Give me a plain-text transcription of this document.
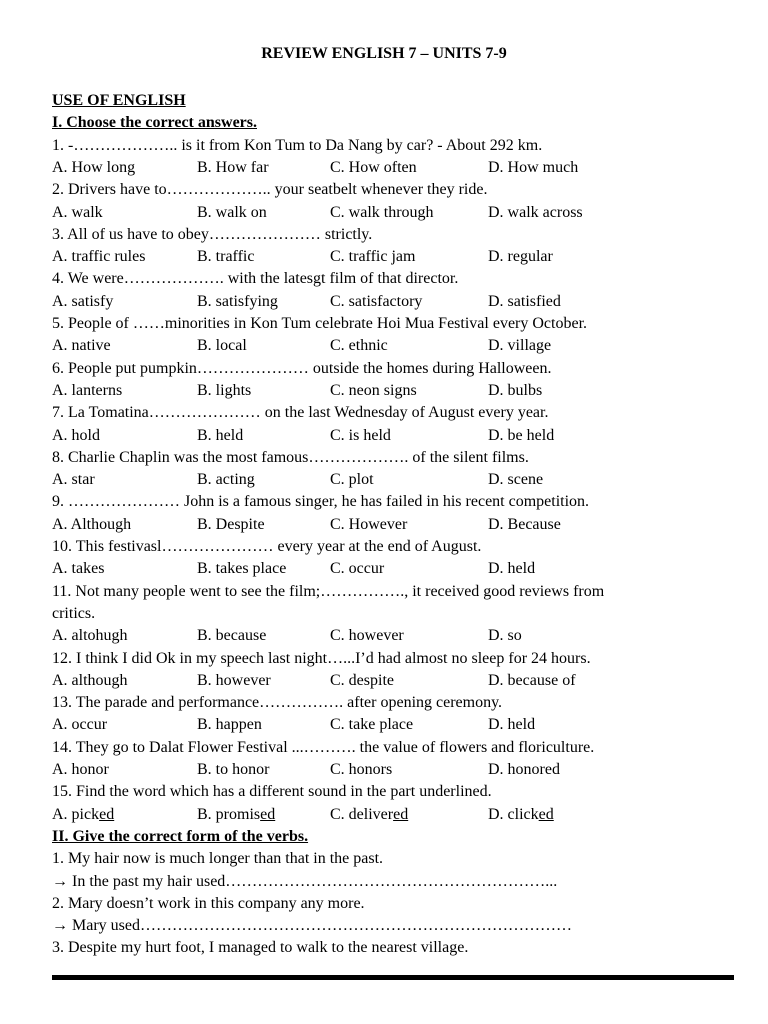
REVIEW ENGLISH 7 – UNITS 7-9
USE OF ENGLISH
I. Choose the correct answers.
1. -……………….. is it from Kon Tum to Da Nang by car? - About 292 km.
A. How long	B. How far	C. How often	D. How much
2. Drivers have to……………….. your seatbelt whenever they ride.
A. walk	B. walk on	C. walk through	D. walk across
3. All of us have to obey………………… strictly.
A. traffic rules	B. traffic	C. traffic jam	D. regular
4. We were………………. with the latesgt film of that director.
A. satisfy	B. satisfying	C. satisfactory	D. satisfied
5. People of ……minorities in Kon Tum celebrate Hoi Mua Festival every October.
A. native	B. local	C. ethnic	D. village
6. People put pumpkin………………… outside the homes during Halloween.
A. lanterns	B. lights	C. neon signs	D. bulbs
7. La Tomatina………………… on the last Wednesday of August every year.
A. hold	B. held	C. is held	D. be held
8. Charlie Chaplin was the most famous………………. of the silent films.
A. star	B. acting	C. plot	D. scene
9. ………………… John is a famous singer, he has failed in his recent competition.
A. Although	B. Despite	C. However	D. Because
10. This festivasl………………… every year at the end of August.
A. takes	B. takes place	C. occur	D. held
11. Not many people went to see the film;……………., it received good reviews from
critics.
A. altohugh	B. because	C. however	D. so
12. I think I did Ok in my speech last night…...I’d had almost no sleep for 24 hours.
A. although	B. however	C. despite	D. because of
13. The parade and performance……………. after opening ceremony.
A. occur	B. happen	C. take place	D. held
14. They go to Dalat Flower Festival ...………. the value of flowers and floriculture.
A. honor	B. to honor	C. honors	D. honored
15. Find the word which has a different sound in the part underlined.
A. picked	B. promised	C. delivered	D. clicked
II. Give the correct form of the verbs.
1. My hair now is much longer than that in the past.
→ In the past my hair used……………………………………………………...
2. Mary doesn’t work in this company any more.
→ Mary used………………………………………………………………………
3. Despite my hurt foot, I managed to walk to the nearest village.
